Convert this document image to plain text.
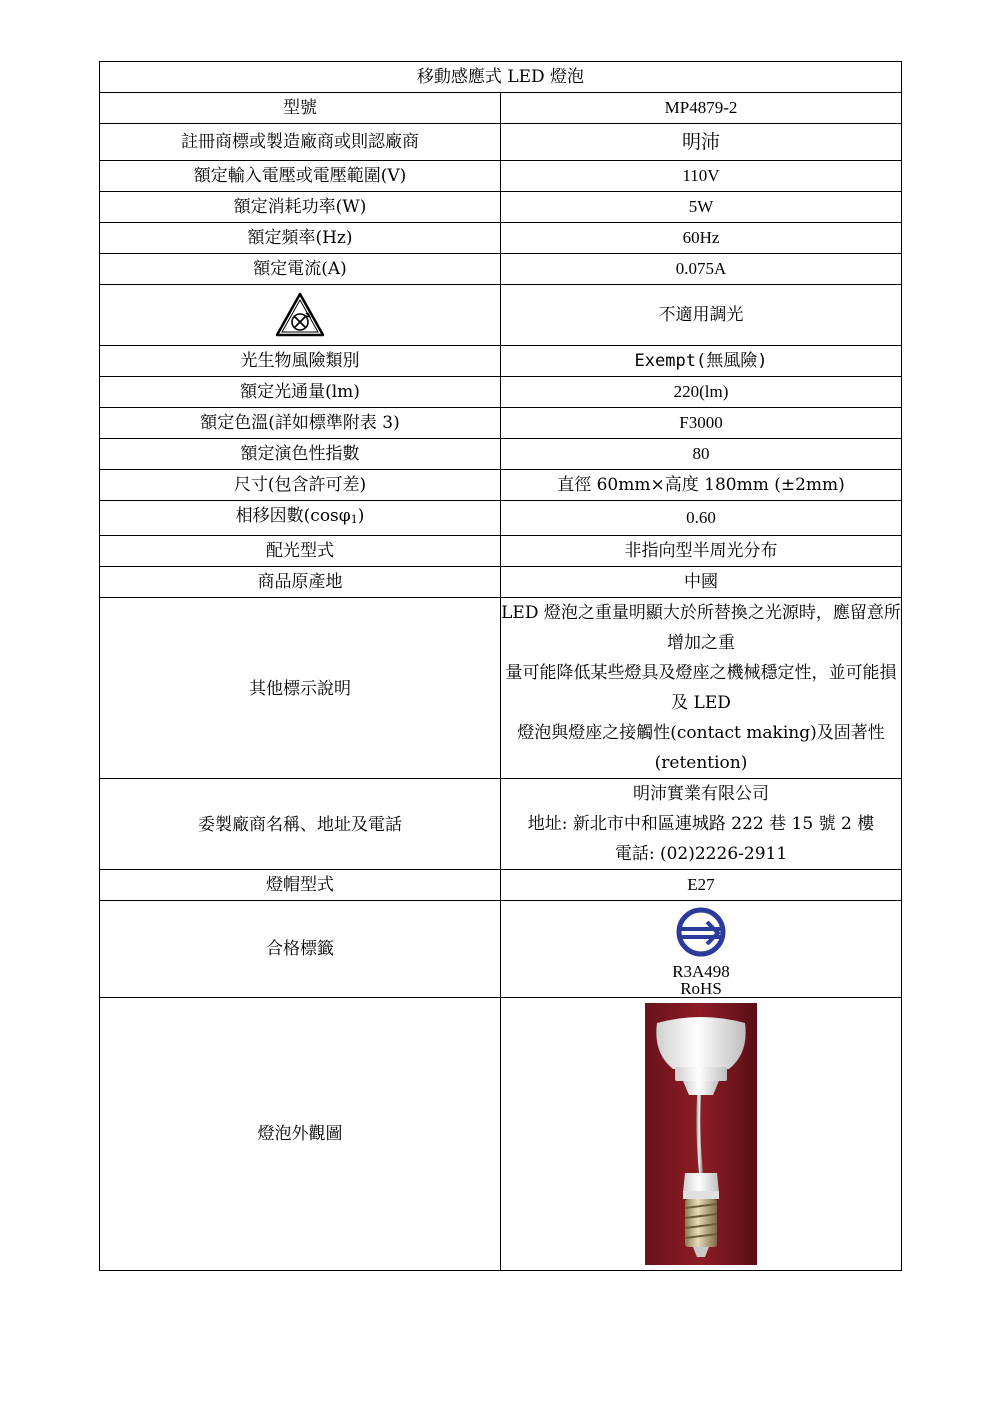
移動感應式 LED 燈泡	
型號	MP4879-2
註冊商標或製造廠商或則認廠商	明沛
額定輸入電壓或電壓範圍(V)	110V
額定消耗功率(W)	5W
額定頻率(Hz)	60Hz
額定電流(A)	0.075A

	不適用調光
光生物風險類別	Exempt(無風險)
額定光通量(lm)	220(lm)
額定色溫(詳如標準附表 3)	F3000
額定演色性指數	80
尺寸(包含許可差)	直徑 60mm×高度 180mm (±2mm)
相移因數(cosφ1)	0.60
配光型式	非指向型半周光分布
商品原產地	中國
其他標示說明	LED 燈泡之重量明顯大於所替換之光源時，應留意所增加之重
量可能降低某些燈具及燈座之機械穩定性，並可能損及 LED
燈泡與燈座之接觸性(contact making)及固著性(retention)

委製廠商名稱、地址及電話	明沛實業有限公司
地址: 新北市中和區連城路 222 巷 15 號 2 樓
電話: (02)2226-2911

燈帽型式	E27
合格標籤	R3A498
RoHS

燈泡外觀圖	
